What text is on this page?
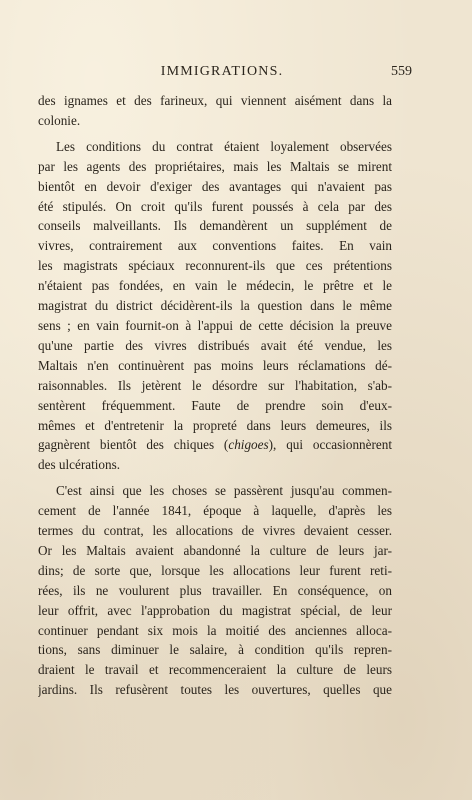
IMMIGRATIONS.	559

des ignames et des farineux, qui viennent aisément dans la
colonie.

Les conditions du contrat étaient loyalement observées
par les agents des propriétaires, mais les Maltais se mirent
bientôt en devoir d'exiger des avantages qui n'avaient pas
été stipulés. On croit qu'ils furent poussés à cela par des
conseils malveillants. Ils demandèrent un supplément de
vivres, contrairement aux conventions faites. En vain
les magistrats spéciaux reconnurent-ils que ces prétentions
n'étaient pas fondées, en vain le médecin, le prêtre et le
magistrat du district décidèrent-ils la question dans le même
sens ; en vain fournit-on à l'appui de cette décision la preuve
qu'une partie des vivres distribués avait été vendue, les
Maltais n'en continuèrent pas moins leurs réclamations dé-
raisonnables. Ils jetèrent le désordre sur l'habitation, s'ab-
sentèrent fréquemment. Faute de prendre soin d'eux-
mêmes et d'entretenir la propreté dans leurs demeures, ils
gagnèrent bientôt des chiques (chigoes), qui occasionnèrent
des ulcérations.

C'est ainsi que les choses se passèrent jusqu'au commen-
cement de l'année 1841, époque à laquelle, d'après les
termes du contrat, les allocations de vivres devaient cesser.
Or les Maltais avaient abandonné la culture de leurs jar-
dins; de sorte que, lorsque les allocations leur furent reti-
rées, ils ne voulurent plus travailler. En conséquence, on
leur offrit, avec l'approbation du magistrat spécial, de leur
continuer pendant six mois la moitié des anciennes alloca-
tions, sans diminuer le salaire, à condition qu'ils repren-
draient le travail et recommenceraient la culture de leurs
jardins. Ils refusèrent toutes les ouvertures, quelles que
